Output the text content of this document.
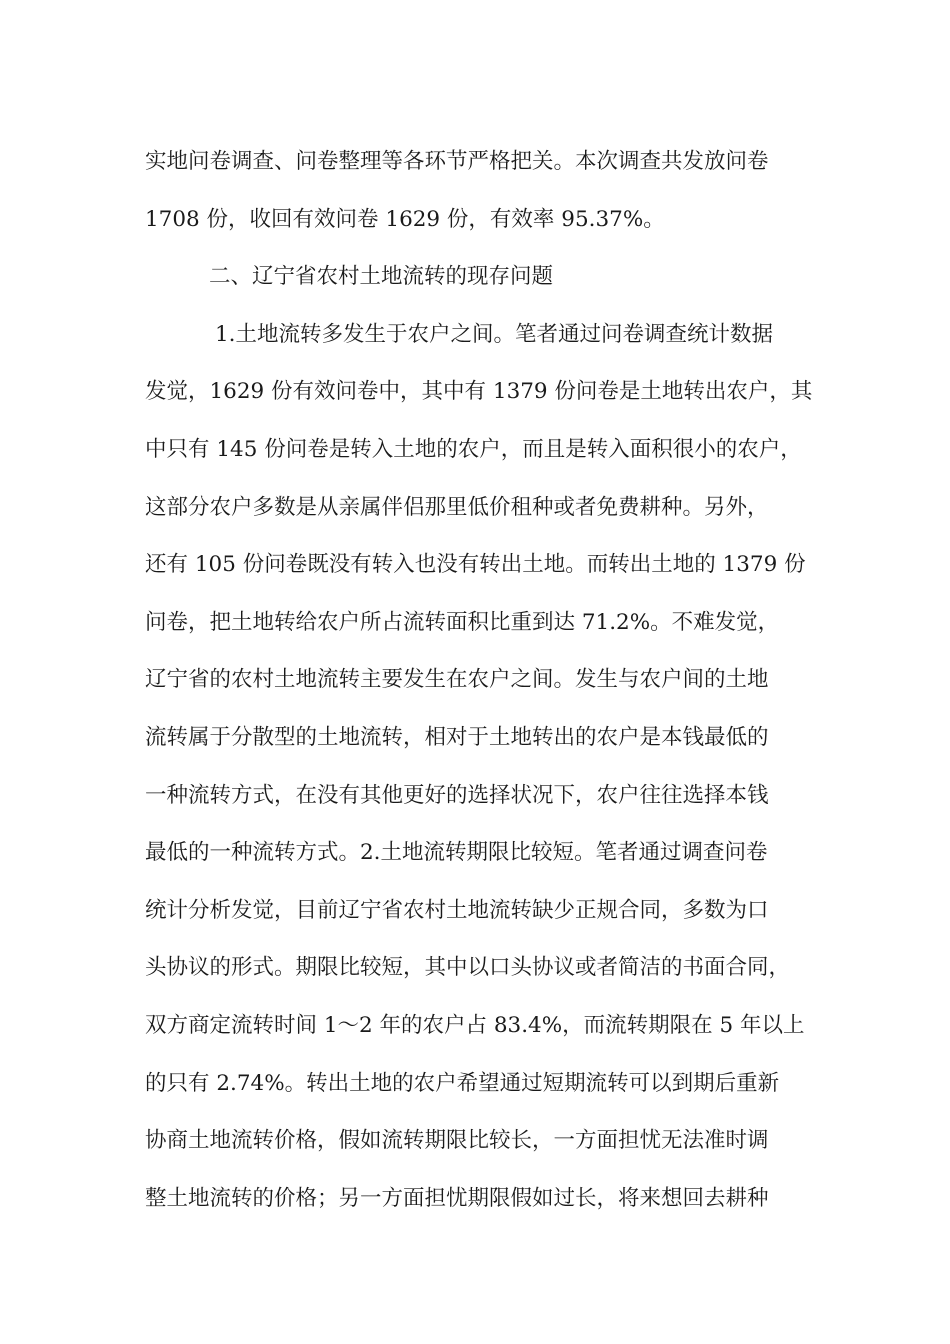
实地问卷调查、问卷整理等各环节严格把关。本次调查共发放问卷
1708 份，收回有效问卷 1629 份，有效率 95.37%。
二、辽宁省农村土地流转的现存问题
1.土地流转多发生于农户之间。笔者通过问卷调查统计数据
发觉，1629 份有效问卷中，其中有 1379 份问卷是土地转出农户，其
中只有 145 份问卷是转入土地的农户，而且是转入面积很小的农户，
这部分农户多数是从亲属伴侣那里低价租种或者免费耕种。另外，
还有 105 份问卷既没有转入也没有转出土地。而转出土地的 1379 份
问卷，把土地转给农户所占流转面积比重到达 71.2%。不难发觉，
辽宁省的农村土地流转主要发生在农户之间。发生与农户间的土地
流转属于分散型的土地流转，相对于土地转出的农户是本钱最低的
一种流转方式，在没有其他更好的选择状况下，农户往往选择本钱
最低的一种流转方式。2.土地流转期限比较短。笔者通过调查问卷
统计分析发觉，目前辽宁省农村土地流转缺少正规合同，多数为口
头协议的形式。期限比较短，其中以口头协议或者简洁的书面合同，
双方商定流转时间 1～2 年的农户占 83.4%，而流转期限在 5 年以上
的只有 2.74%。转出土地的农户希望通过短期流转可以到期后重新
协商土地流转价格，假如流转期限比较长，一方面担忧无法准时调
整土地流转的价格；另一方面担忧期限假如过长，将来想回去耕种
